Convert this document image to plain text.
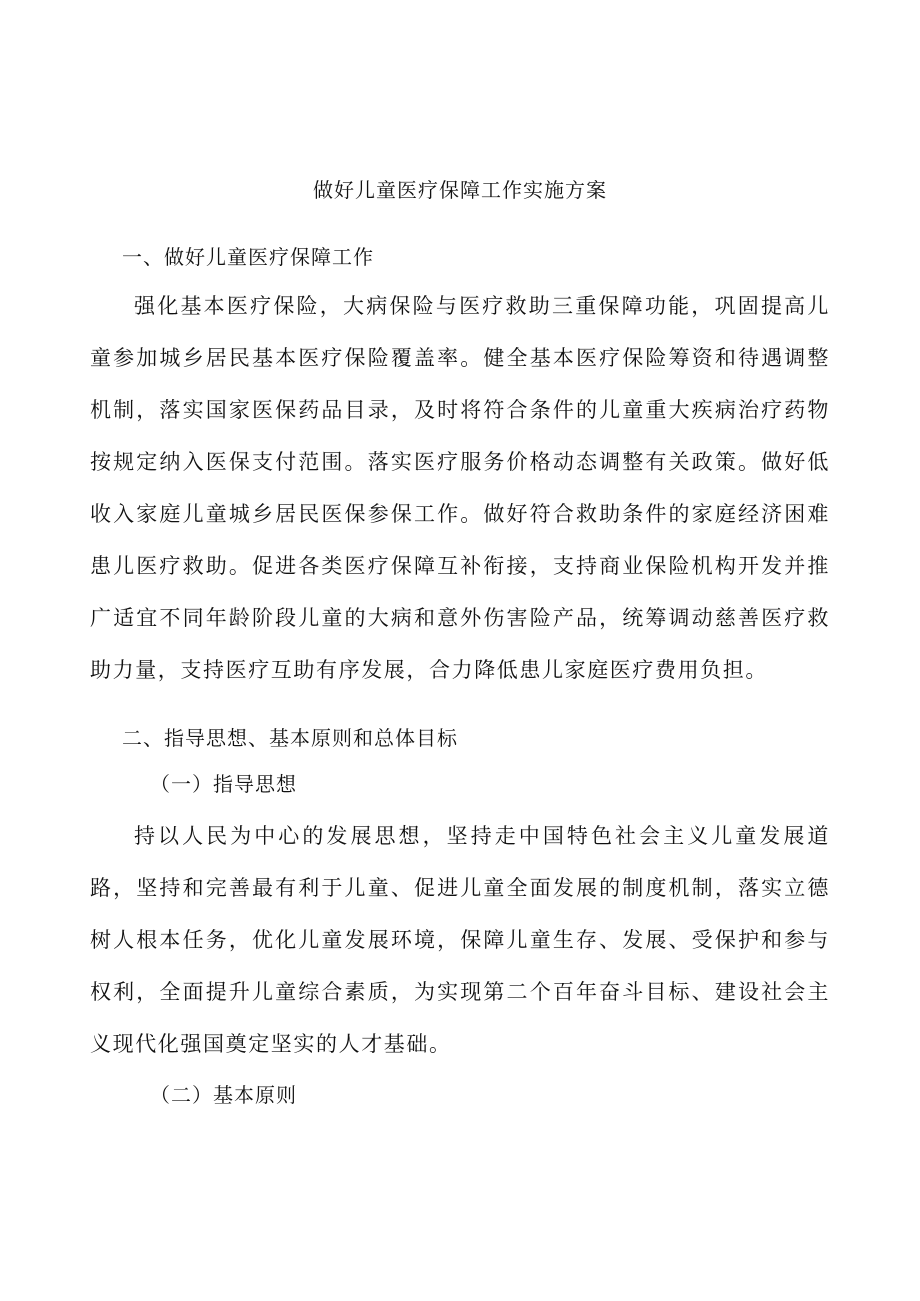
做好儿童医疗保障工作实施方案
一、做好儿童医疗保障工作

强化基本医疗保险，大病保险与医疗救助三重保障功能，巩固提高儿童参加城乡居民基本医疗保险覆盖率。健全基本医疗保险筹资和待遇调整机制，落实国家医保药品目录，及时将符合条件的儿童重大疾病治疗药物按规定纳入医保支付范围。落实医疗服务价格动态调整有关政策。做好低收入家庭儿童城乡居民医保参保工作。做好符合救助条件的家庭经济困难患儿医疗救助。促进各类医疗保障互补衔接，支持商业保险机构开发并推广适宜不同年龄阶段儿童的大病和意外伤害险产品，统筹调动慈善医疗救助力量，支持医疗互助有序发展，合力降低患儿家庭医疗费用负担。

二、指导思想、基本原则和总体目标
（一）指导思想

持以人民为中心的发展思想，坚持走中国特色社会主义儿童发展道路，坚持和完善最有利于儿童、促进儿童全面发展的制度机制，落实立德树人根本任务，优化儿童发展环境，保障儿童生存、发展、受保护和参与权利，全面提升儿童综合素质，为实现第二个百年奋斗目标、建设社会主义现代化强国奠定坚实的人才基础。

（二）基本原则
